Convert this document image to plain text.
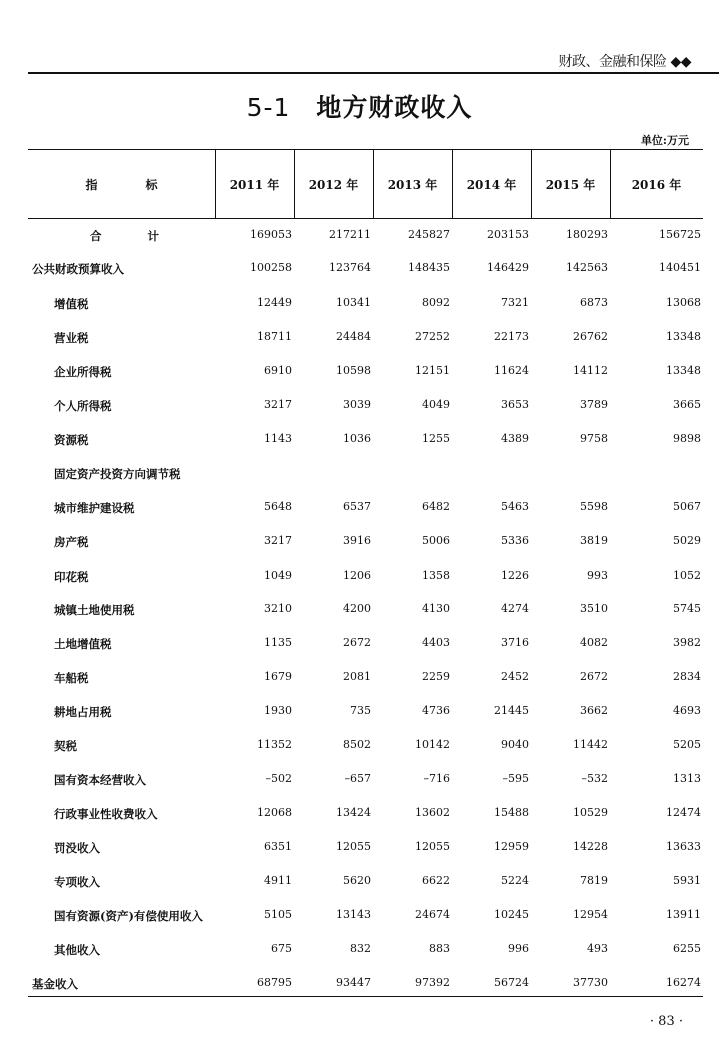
财政、金融和保险 ◆◆
5-1 地方财政收入
单位:万元
指	标	2011 年	2012 年	2013 年	2014 年	2015 年	2016 年
合　　　　计	169053	217211	245827	203153	180293	156725
公共财政预算收入	100258	123764	148435	146429	142563	140451
增值税	12449	10341	8092	7321	6873	13068
营业税	18711	24484	27252	22173	26762	13348
企业所得税	6910	10598	12151	11624	14112	13348
个人所得税	3217	3039	4049	3653	3789	3665
资源税	1143	1036	1255	4389	9758	9898
固定资产投资方向调节税
城市维护建设税	5648	6537	6482	5463	5598	5067
房产税	3217	3916	5006	5336	3819	5029
印花税	1049	1206	1358	1226	993	1052
城镇土地使用税	3210	4200	4130	4274	3510	5745
土地增值税	1135	2672	4403	3716	4082	3982
车船税	1679	2081	2259	2452	2672	2834
耕地占用税	1930	735	4736	21445	3662	4693
契税	11352	8502	10142	9040	11442	5205
国有资本经营收入	–502	–657	–716	–595	–532	1313
行政事业性收费收入	12068	13424	13602	15488	10529	12474
罚没收入	6351	12055	12055	12959	14228	13633
专项收入	4911	5620	6622	5224	7819	5931
国有资源(资产)有偿使用收入	5105	13143	24674	10245	12954	13911
其他收入	675	832	883	996	493	6255
基金收入	68795	93447	97392	56724	37730	16274
· 83 ·
